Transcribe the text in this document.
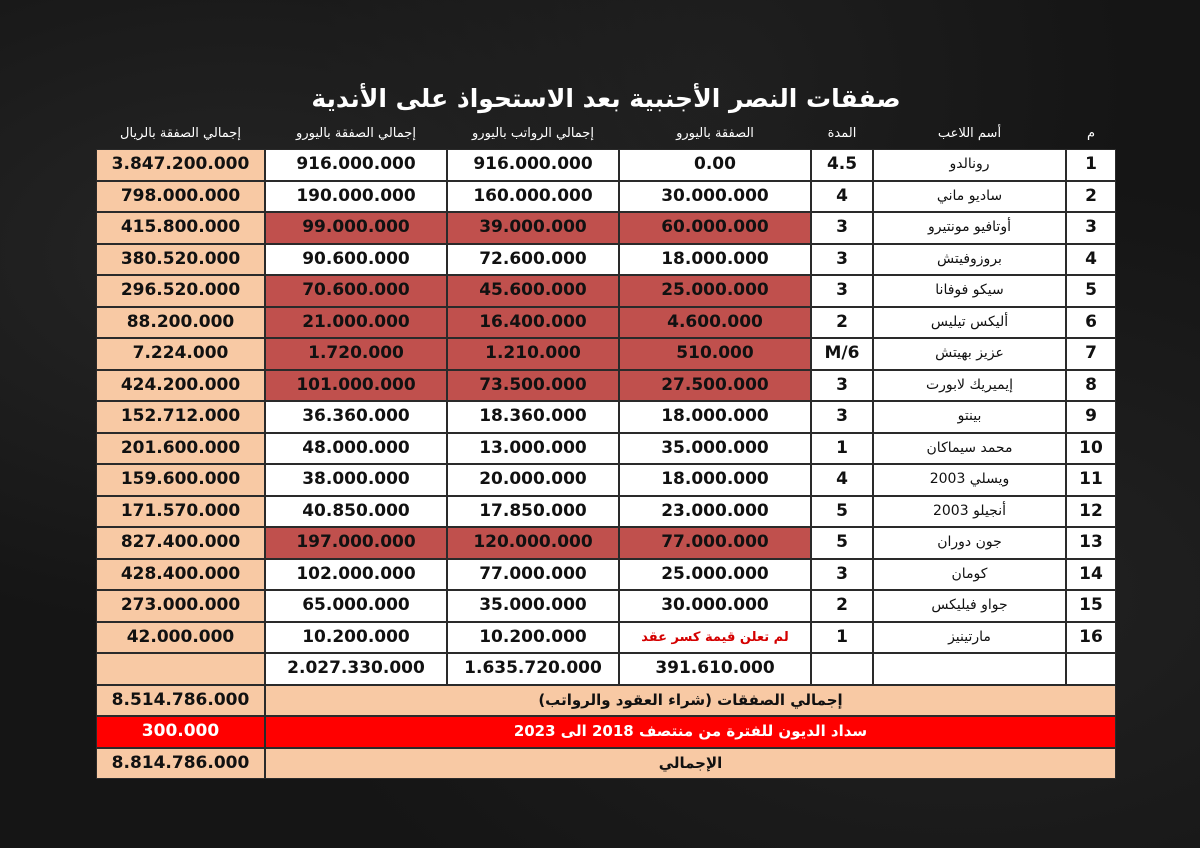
صفقات النصر الأجنبية بعد الاستحواذ على الأندية
م
أسم اللاعب
المدة
الصفقة باليورو
إجمالي الرواتب باليورو
إجمالي الصفقة باليورو
إجمالي الصفقة بالريال
1
رونالدو
4.5
0.00
916.000.000
916.000.000
3.847.200.000
2
ساديو ماني
4
30.000.000
160.000.000
190.000.000
798.000.000
3
أوتافيو مونتيرو
3
60.000.000
39.000.000
99.000.000
415.800.000
4
بروزوفيتش
3
18.000.000
72.600.000
90.600.000
380.520.000
5
سيكو فوفانا
3
25.000.000
45.600.000
70.600.000
296.520.000
6
أليكس تيليس
2
4.600.000
16.400.000
21.000.000
88.200.000
7
عزيز بهيتش
M/6
510.000
1.210.000
1.720.000
7.224.000
8
إيميريك لابورت
3
27.500.000
73.500.000
101.000.000
424.200.000
9
بينتو
3
18.000.000
18.360.000
36.360.000
152.712.000
10
محمد سيماكان
1
35.000.000
13.000.000
48.000.000
201.600.000
11
ويسلي 2003
4
18.000.000
20.000.000
38.000.000
159.600.000
12
أنجيلو 2003
5
23.000.000
17.850.000
40.850.000
171.570.000
13
جون دوران
5
77.000.000
120.000.000
197.000.000
827.400.000
14
كومان
3
25.000.000
77.000.000
102.000.000
428.400.000
15
جواو فيليكس
2
30.000.000
35.000.000
65.000.000
273.000.000
16
مارتينيز
1
لم تعلن قيمة كسر عقد
10.200.000
10.200.000
42.000.000
391.610.000
1.635.720.000
2.027.330.000
إجمالي الصفقات (شراء العقود والرواتب)
8.514.786.000
سداد الديون للفترة من منتصف 2018 الى 2023
300.000
الإجمالي
8.814.786.000
